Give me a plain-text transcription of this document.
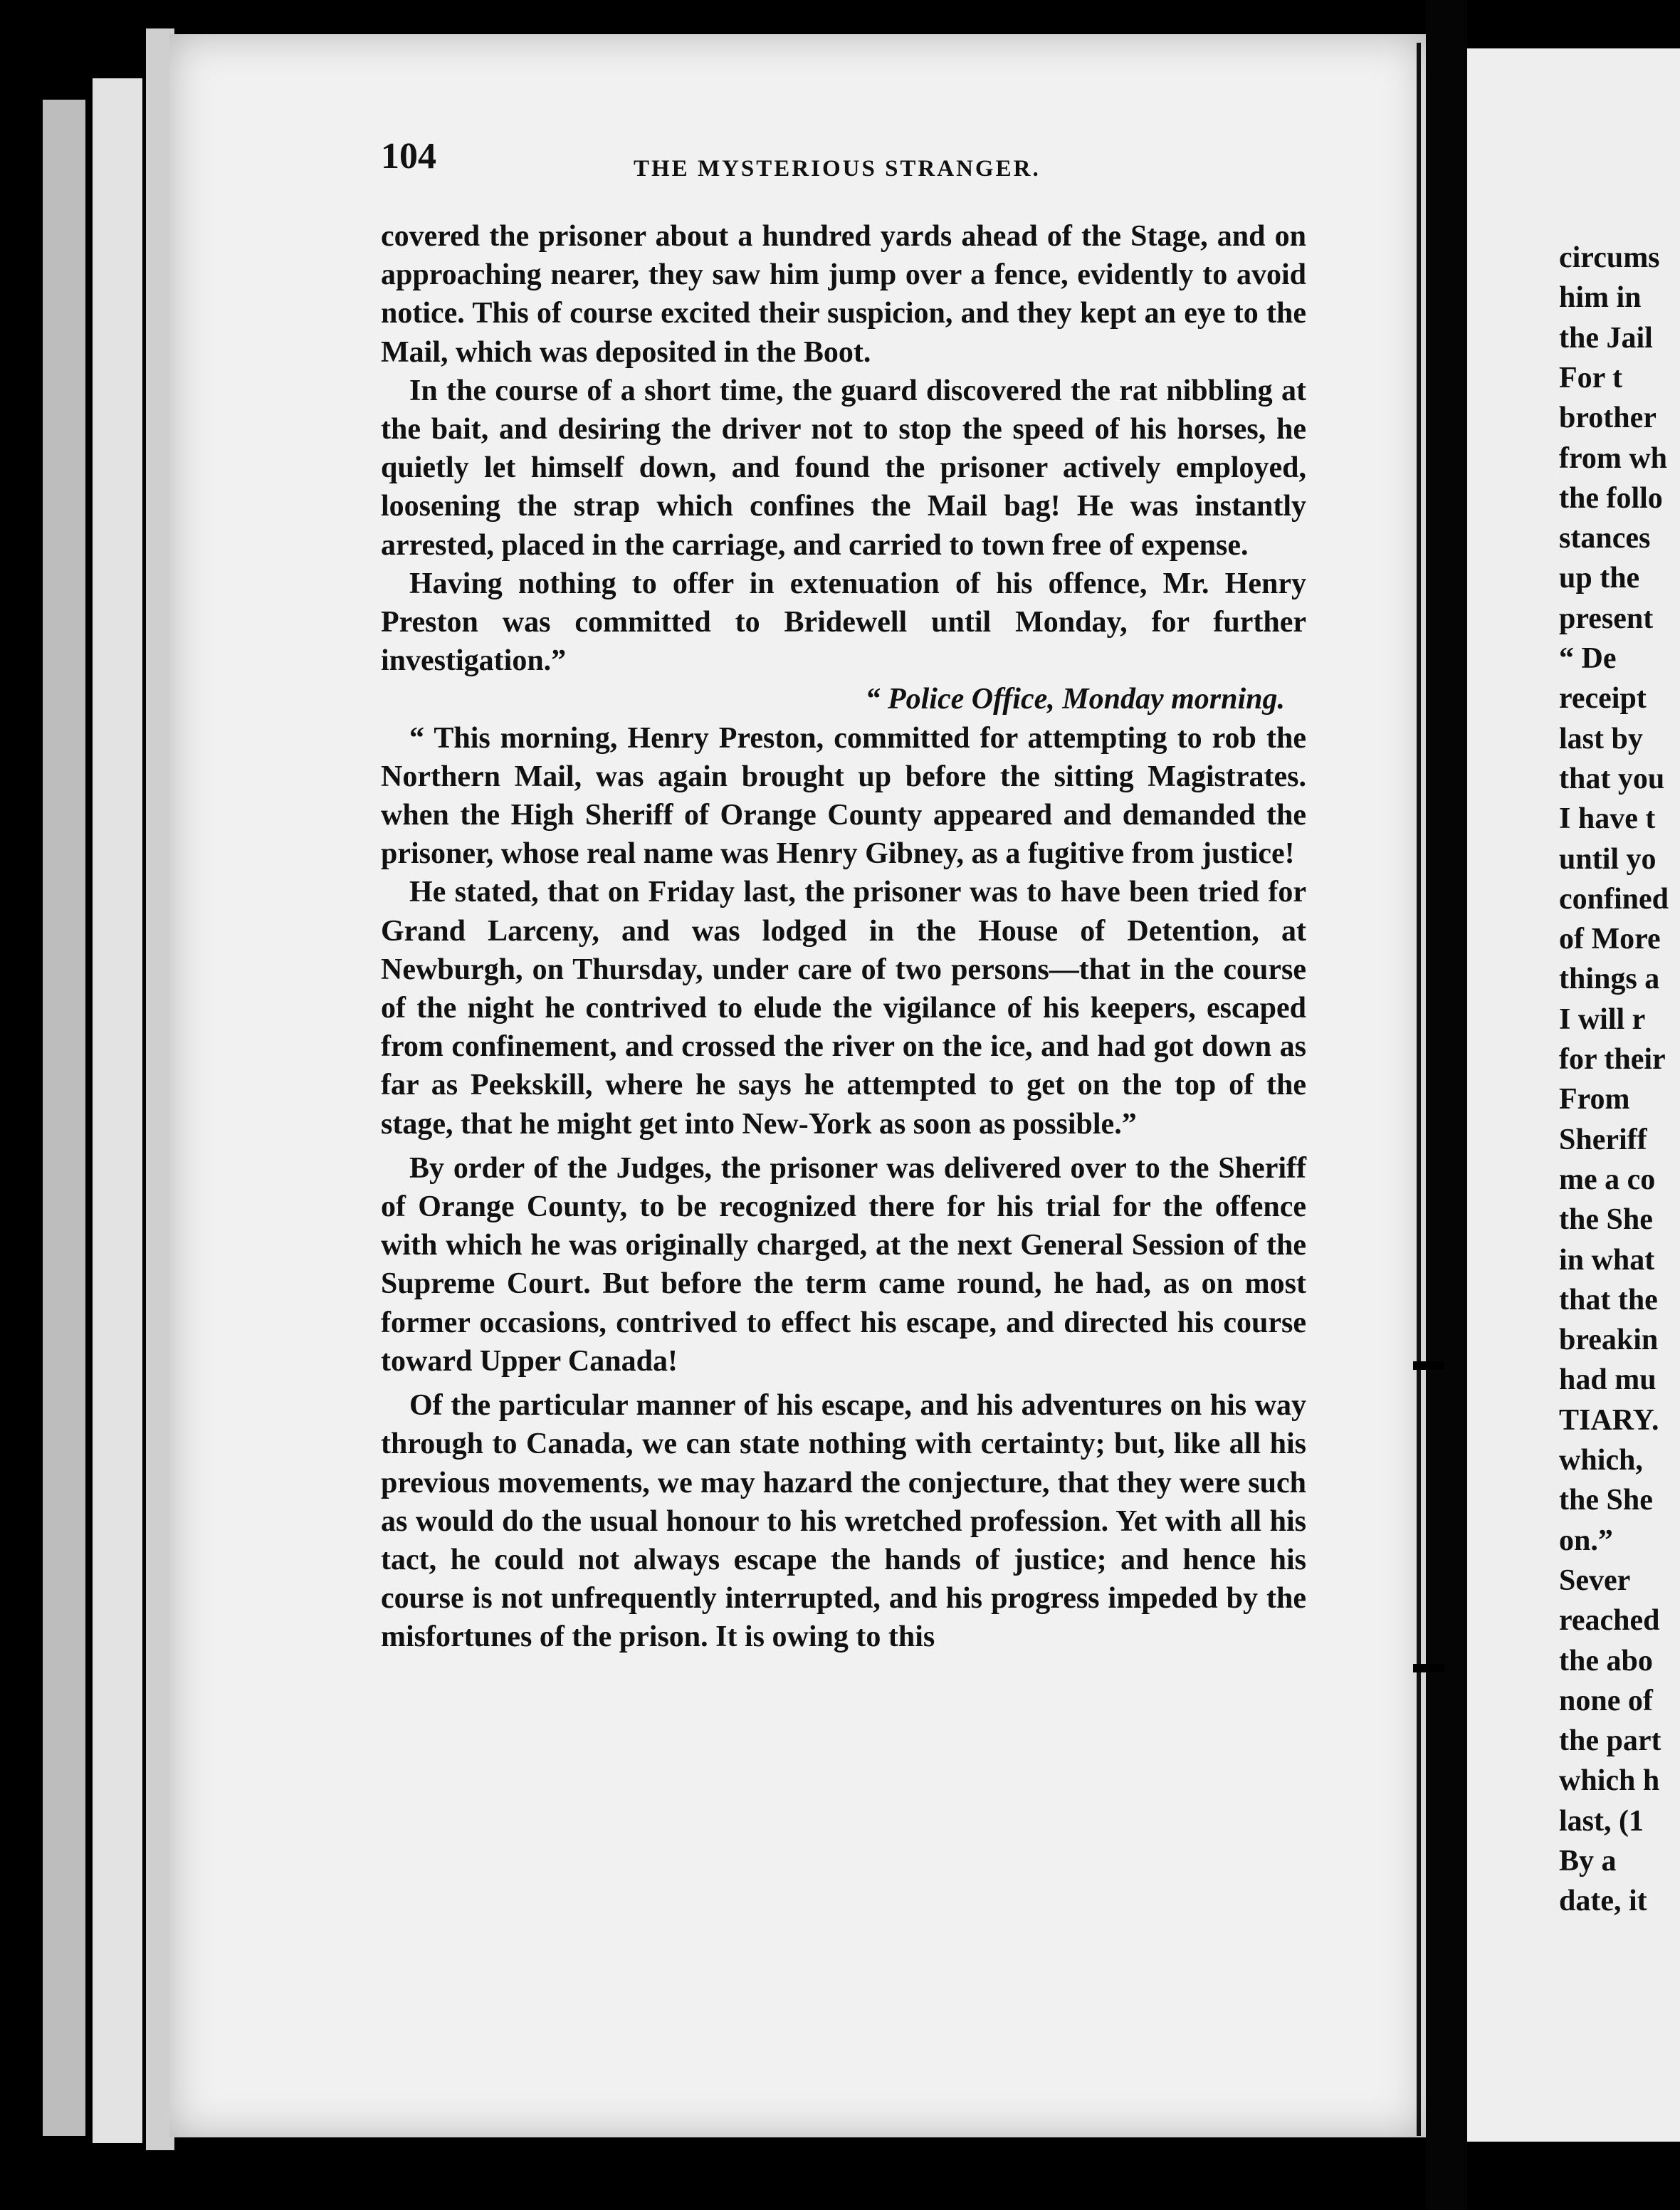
104	THE MYSTERIOUS STRANGER.

covered the prisoner about a hundred yards ahead of the Stage, and on approaching nearer, they saw him jump over a fence, evidently to avoid notice. This of course excited their suspicion, and they kept an eye to the Mail, which was deposited in the Boot.

In the course of a short time, the guard discovered the rat nibbling at the bait, and desiring the driver not to stop the speed of his horses, he quietly let himself down, and found the prisoner actively employed, loosening the strap which confines the Mail bag! He was instantly arrested, placed in the carriage, and carried to town free of expense.

Having nothing to offer in extenuation of his offence, Mr. Henry Preston was committed to Bridewell until Monday, for further investigation.”

“ Police Office, Monday morning.

“ This morning, Henry Preston, committed for attempting to rob the Northern Mail, was again brought up before the sitting Magistrates. when the High Sheriff of Orange County appeared and demanded the prisoner, whose real name was Henry Gibney, as a fugitive from justice!

He stated, that on Friday last, the prisoner was to have been tried for Grand Larceny, and was lodged in the House of Detention, at Newburgh, on Thursday, under care of two persons—that in the course of the night he contrived to elude the vigilance of his keepers, escaped from confinement, and crossed the river on the ice, and had got down as far as Peekskill, where he says he attempted to get on the top of the stage, that he might get into New-York as soon as possible.”

By order of the Judges, the prisoner was delivered over to the Sheriff of Orange County, to be recognized there for his trial for the offence with which he was originally charged, at the next General Session of the Supreme Court. But before the term came round, he had, as on most former occasions, contrived to effect his escape, and directed his course toward Upper Canada!

Of the particular manner of his escape, and his adventures on his way through to Canada, we can state nothing with certainty; but, like all his previous movements, we may hazard the conjecture, that they were such as would do the usual honour to his wretched profession. Yet with all his tact, he could not always escape the hands of justice; and hence his course is not unfrequently interrupted, and his progress impeded by the misfortunes of the prison. It is owing to this

circums
him in
the Jail
For t
brother
from wh
the follo
stances
up the
present
“ De
receipt
last by
that you
I have t
until yo
confined
of More
things a
I will r
for their
From
Sheriff
me a co
the She
in what
that the
breakin
had mu
TIARY.
which,
the She
on.”
Sever
reached
the abo
none of
the part
which h
last, (1
By a
date, it
